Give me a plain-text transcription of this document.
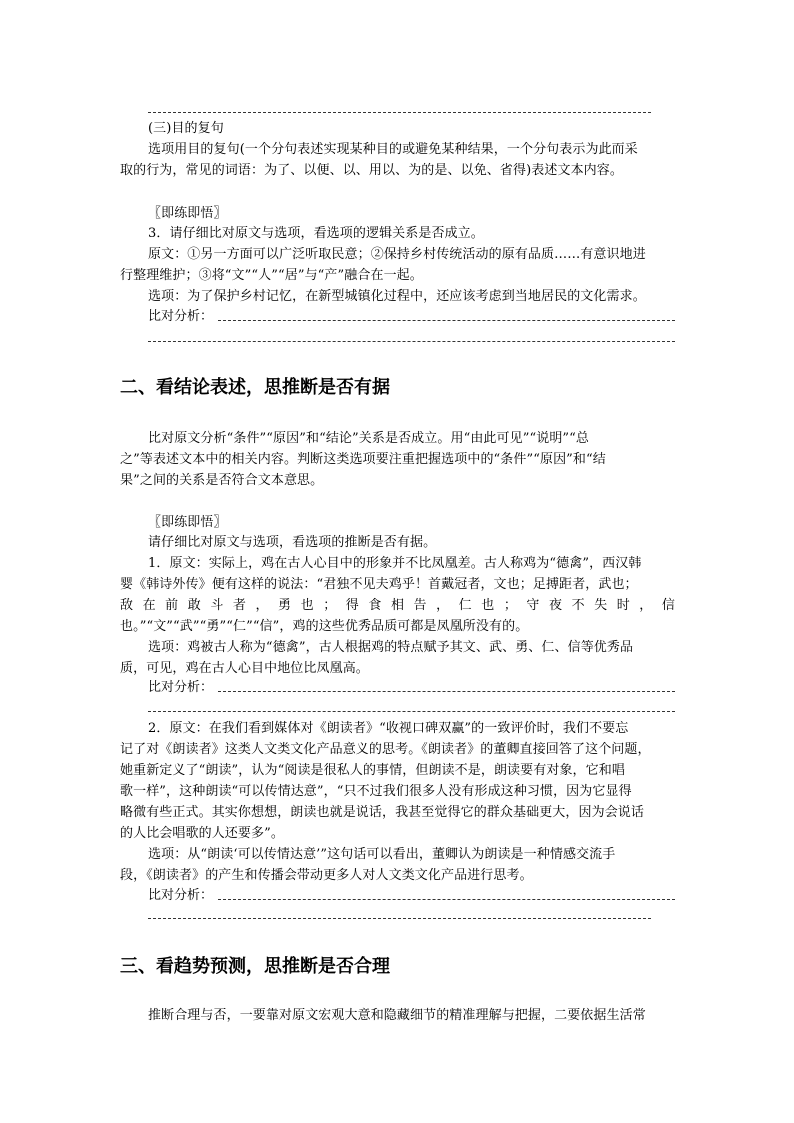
(三)目的复句
选项用目的复句(一个分句表述实现某种目的或避免某种结果，一个分句表示为此而采
取的行为，常见的词语：为了、以便、以、用以、为的是、以免、省得)表述文本内容。
〖即练即悟〗
3．请仔细比对原文与选项，看选项的逻辑关系是否成立。
原文：①另一方面可以广泛听取民意；②保持乡村传统活动的原有品质……有意识地进
行整理维护；③将“文”“人”“居”与“产”融合在一起。
选项：为了保护乡村记忆，在新型城镇化过程中，还应该考虑到当地居民的文化需求。
比对分析：
二、看结论表述，思推断是否有据
比对原文分析“条件”“原因”和“结论”关系是否成立。用“由此可见”“说明”“总
之”等表述文本中的相关内容。判断这类选项要注重把握选项中的“条件”“原因”和“结
果”之间的关系是否符合文本意思。
〖即练即悟〗
请仔细比对原文与选项，看选项的推断是否有据。
1．原文：实际上，鸡在古人心目中的形象并不比凤凰差。古人称鸡为“德禽”，西汉韩
婴《韩诗外传》便有这样的说法：“君独不见夫鸡乎！首戴冠者，文也；足搏距者，武也；
敌在前敢斗者，勇也；得食相告，仁也；守夜不失时，信
也。”“文”“武”“勇”“仁”“信”，鸡的这些优秀品质可都是凤凰所没有的。
选项：鸡被古人称为“德禽”，古人根据鸡的特点赋予其文、武、勇、仁、信等优秀品
质，可见，鸡在古人心目中地位比凤凰高。
比对分析：
2．原文：在我们看到媒体对《朗读者》“收视口碑双赢”的一致评价时，我们不要忘
记了对《朗读者》这类人文类文化产品意义的思考。《朗读者》的董卿直接回答了这个问题，
她重新定义了“朗读”，认为“阅读是很私人的事情，但朗读不是，朗读要有对象，它和唱
歌一样”，这种朗读“可以传情达意”，“只不过我们很多人没有形成这种习惯，因为它显得
略微有些正式。其实你想想，朗读也就是说话，我甚至觉得它的群众基础更大，因为会说话
的人比会唱歌的人还要多”。
选项：从“朗读‘可以传情达意’”这句话可以看出，董卿认为朗读是一种情感交流手
段，《朗读者》的产生和传播会带动更多人对人文类文化产品进行思考。
比对分析：
三、看趋势预测，思推断是否合理
推断合理与否，一要靠对原文宏观大意和隐藏细节的精准理解与把握，二要依据生活常
